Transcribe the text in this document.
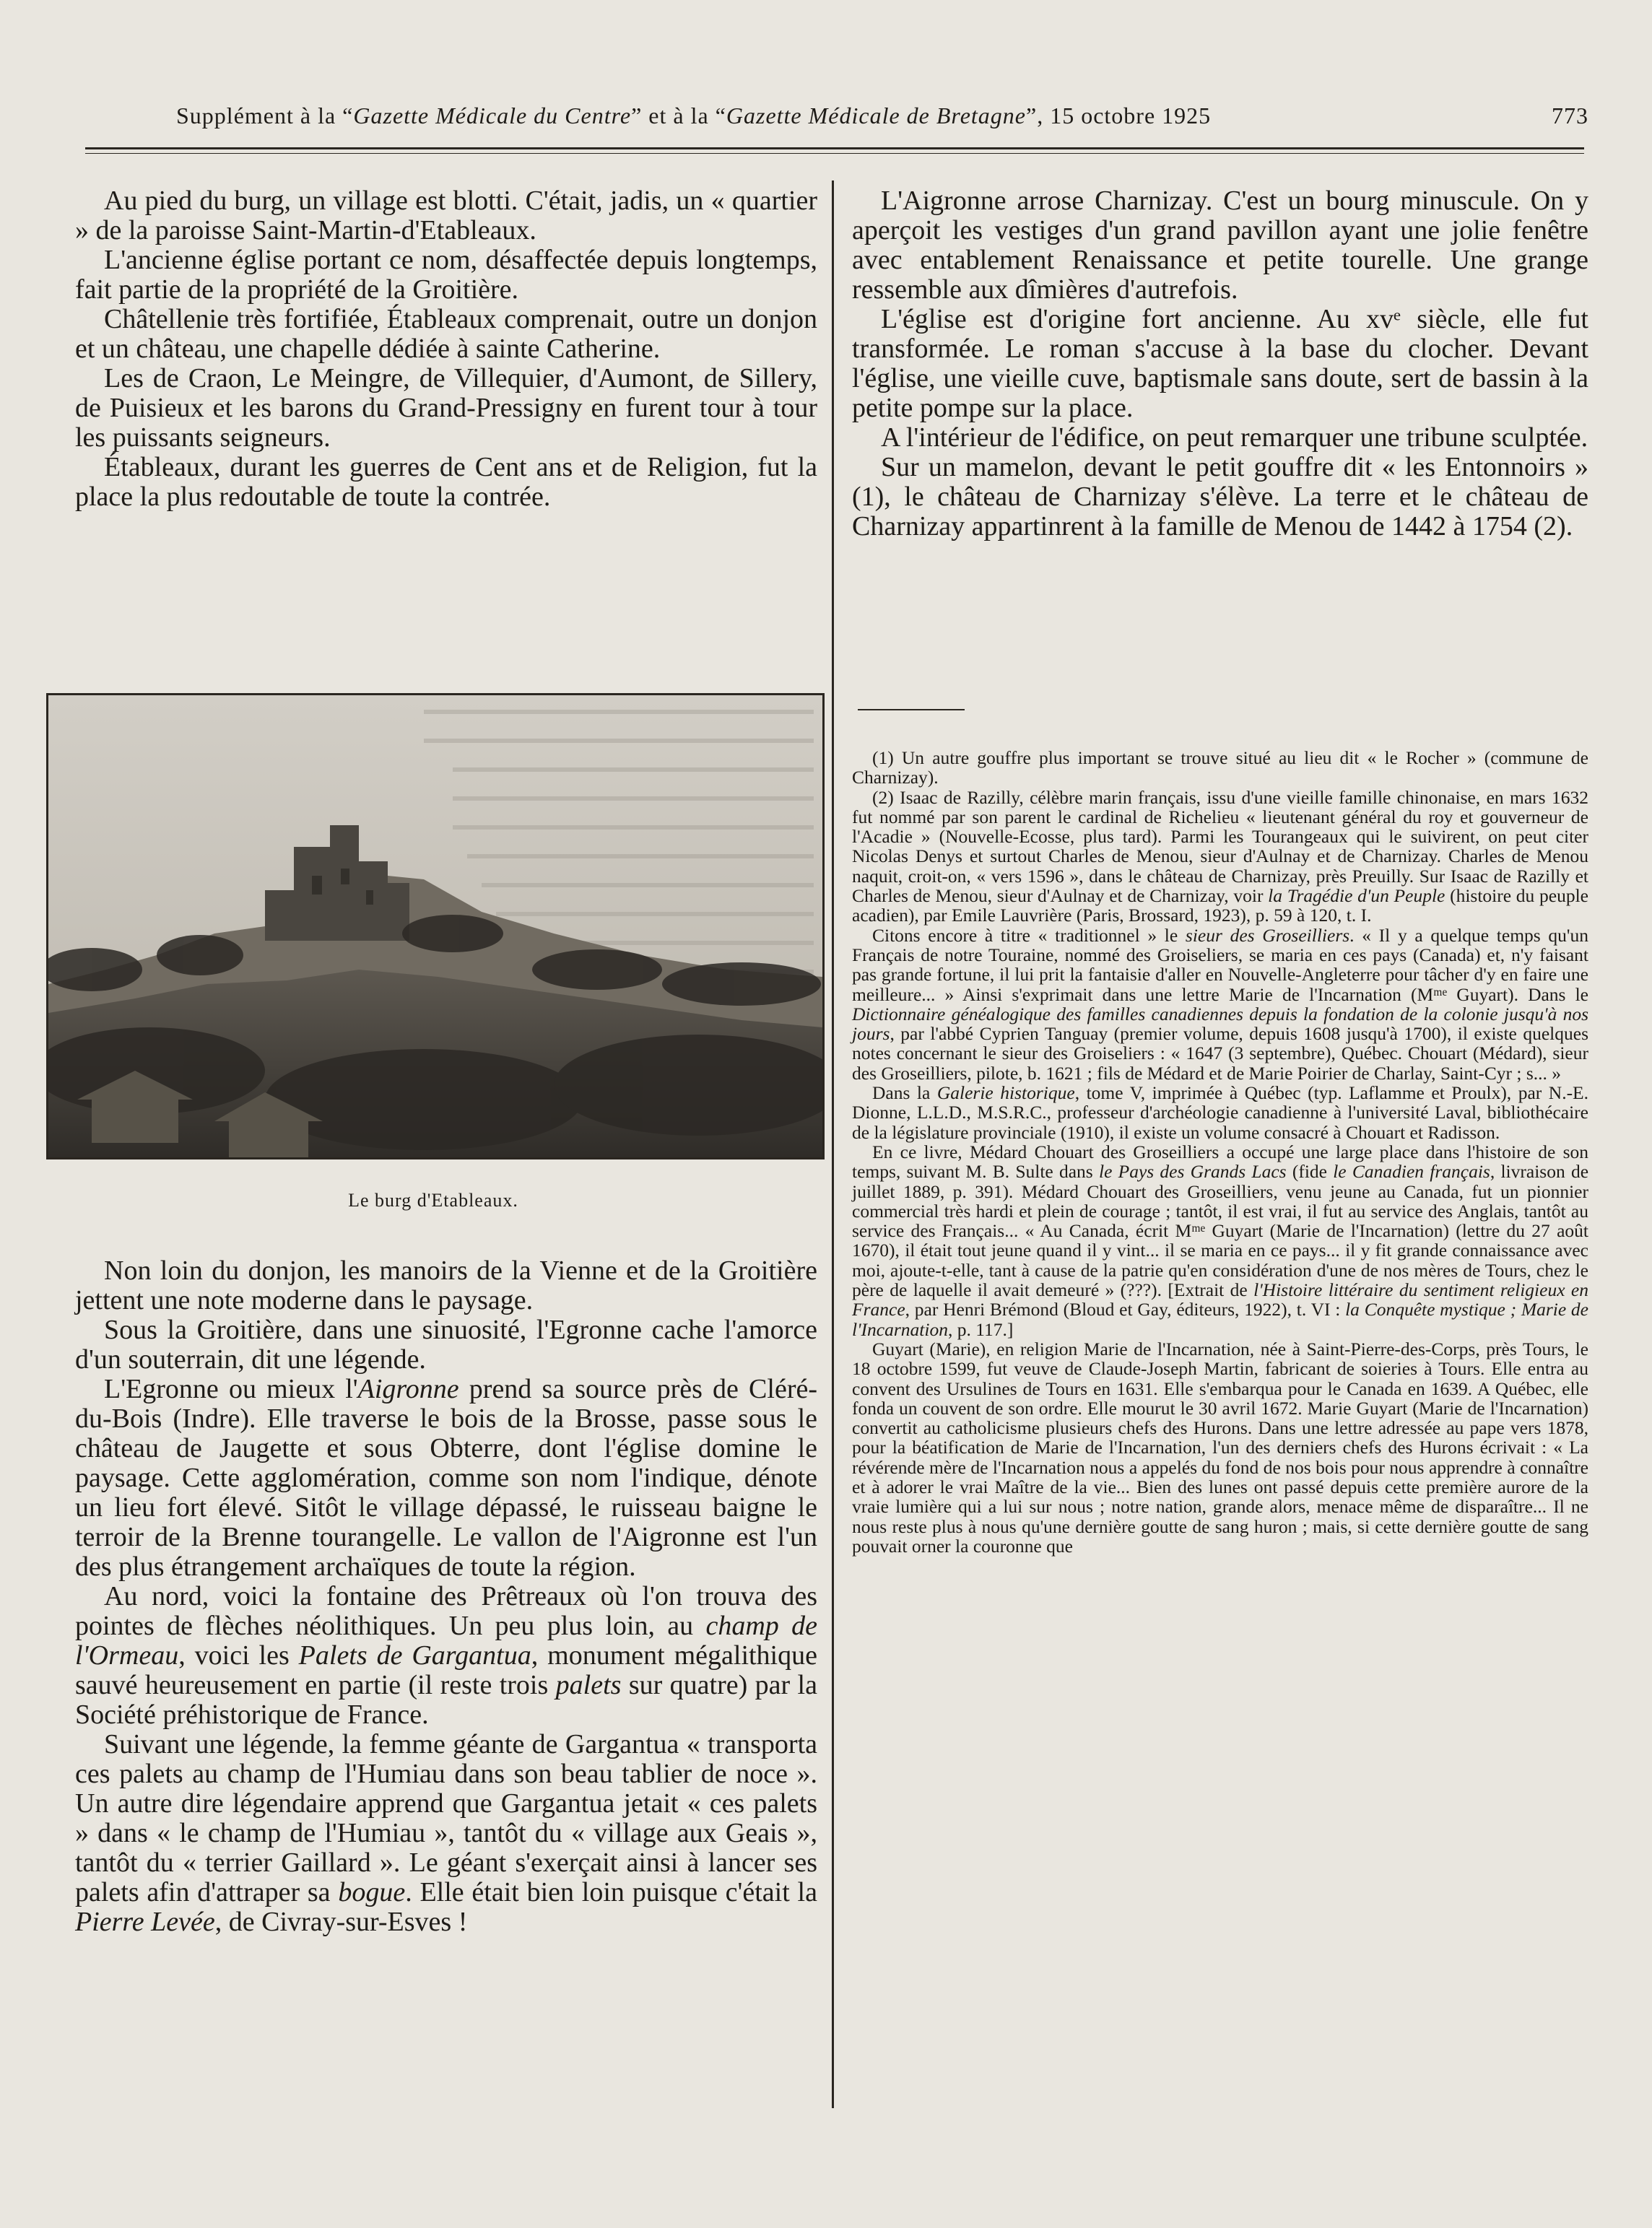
Supplément à la “Gazette Médicale du Centre” et à la “Gazette Médicale de Bretagne”, 15 octobre 1925	773

Au pied du burg, un village est blotti. C'était, jadis, un « quartier » de la paroisse Saint-Martin-d'Etableaux.

L'ancienne église portant ce nom, désaffectée depuis longtemps, fait partie de la propriété de la Groitière.

Châtellenie très fortifiée, Étableaux comprenait, outre un donjon et un château, une chapelle dédiée à sainte Catherine.

Les de Craon, Le Meingre, de Villequier, d'Aumont, de Sillery, de Puisieux et les barons du Grand-Pressigny en furent tour à tour les puissants seigneurs.

Étableaux, durant les guerres de Cent ans et de Religion, fut la place la plus redoutable de toute la contrée.

Le burg d'Etableaux.

Non loin du donjon, les manoirs de la Vienne et de la Groitière jettent une note moderne dans le paysage.

Sous la Groitière, dans une sinuosité, l'Egronne cache l'amorce d'un souterrain, dit une légende.

L'Egronne ou mieux l'Aigronne prend sa source près de Cléré-du-Bois (Indre). Elle traverse le bois de la Brosse, passe sous le château de Jaugette et sous Obterre, dont l'église domine le paysage. Cette agglomération, comme son nom l'indique, dénote un lieu fort élevé. Sitôt le village dépassé, le ruisseau baigne le terroir de la Brenne tourangelle. Le vallon de l'Aigronne est l'un des plus étrangement archaïques de toute la région.

Au nord, voici la fontaine des Prêtreaux où l'on trouva des pointes de flèches néolithiques. Un peu plus loin, au champ de l'Ormeau, voici les Palets de Gargantua, monument mégalithique sauvé heureusement en partie (il reste trois palets sur quatre) par la Société préhistorique de France.

Suivant une légende, la femme géante de Gargantua « transporta ces palets au champ de l'Humiau dans son beau tablier de noce ». Un autre dire légendaire apprend que Gargantua jetait « ces palets » dans « le champ de l'Humiau », tantôt du « village aux Geais », tantôt du « terrier Gaillard ». Le géant s'exerçait ainsi à lancer ses palets afin d'attraper sa bogue. Elle était bien loin puisque c'était la Pierre Levée, de Civray-sur-Esves !

L'Aigronne arrose Charnizay. C'est un bourg minuscule. On y aperçoit les vestiges d'un grand pavillon ayant une jolie fenêtre avec entablement Renaissance et petite tourelle. Une grange ressemble aux dîmières d'autrefois.

L'église est d'origine fort ancienne. Au xvᵉ siècle, elle fut transformée. Le roman s'accuse à la base du clocher. Devant l'église, une vieille cuve, baptismale sans doute, sert de bassin à la petite pompe sur la place.

A l'intérieur de l'édifice, on peut remarquer une tribune sculptée.

Sur un mamelon, devant le petit gouffre dit « les Entonnoirs » (1), le château de Charnizay s'élève. La terre et le château de Charnizay appartinrent à la famille de Menou de 1442 à 1754 (2).

(1) Un autre gouffre plus important se trouve situé au lieu dit « le Rocher » (commune de Charnizay).

(2) Isaac de Razilly, célèbre marin français, issu d'une vieille famille chinonaise, en mars 1632 fut nommé par son parent le cardinal de Richelieu « lieutenant général du roy et gouverneur de l'Acadie » (Nouvelle-Ecosse, plus tard). Parmi les Tourangeaux qui le suivirent, on peut citer Nicolas Denys et surtout Charles de Menou, sieur d'Aulnay et de Charnizay. Charles de Menou naquit, croit-on, « vers 1596 », dans le château de Charnizay, près Preuilly. Sur Isaac de Razilly et Charles de Menou, sieur d'Aulnay et de Charnizay, voir la Tragédie d'un Peuple (histoire du peuple acadien), par Emile Lauvrière (Paris, Brossard, 1923), p. 59 à 120, t. I.

Citons encore à titre « traditionnel » le sieur des Groseilliers. « Il y a quelque temps qu'un Français de notre Touraine, nommé des Groiseliers, se maria en ces pays (Canada) et, n'y faisant pas grande fortune, il lui prit la fantaisie d'aller en Nouvelle-Angleterre pour tâcher d'y en faire une meilleure... » Ainsi s'exprimait dans une lettre Marie de l'Incarnation (Mᵐᵉ Guyart). Dans le Dictionnaire généalogique des familles canadiennes depuis la fondation de la colonie jusqu'à nos jours, par l'abbé Cyprien Tanguay (premier volume, depuis 1608 jusqu'à 1700), il existe quelques notes concernant le sieur des Groiseliers : « 1647 (3 septembre), Québec. Chouart (Médard), sieur des Groseilliers, pilote, b. 1621 ; fils de Médard et de Marie Poirier de Charlay, Saint-Cyr ; s... »

Dans la Galerie historique, tome V, imprimée à Québec (typ. Laflamme et Proulx), par N.-E. Dionne, L.L.D., M.S.R.C., professeur d'archéologie canadienne à l'université Laval, bibliothécaire de la législature provinciale (1910), il existe un volume consacré à Chouart et Radisson.

En ce livre, Médard Chouart des Groseilliers a occupé une large place dans l'histoire de son temps, suivant M. B. Sulte dans le Pays des Grands Lacs (fide le Canadien français, livraison de juillet 1889, p. 391). Médard Chouart des Groseilliers, venu jeune au Canada, fut un pionnier commercial très hardi et plein de courage ; tantôt, il est vrai, il fut au service des Anglais, tantôt au service des Français... « Au Canada, écrit Mᵐᵉ Guyart (Marie de l'Incarnation) (lettre du 27 août 1670), il était tout jeune quand il y vint... il se maria en ce pays... il y fit grande connaissance avec moi, ajoute-t-elle, tant à cause de la patrie qu'en considération d'une de nos mères de Tours, chez le père de laquelle il avait demeuré » (???). [Extrait de l'Histoire littéraire du sentiment religieux en France, par Henri Brémond (Bloud et Gay, éditeurs, 1922), t. VI : la Conquête mystique ; Marie de l'Incarnation, p. 117.]

Guyart (Marie), en religion Marie de l'Incarnation, née à Saint-Pierre-des-Corps, près Tours, le 18 octobre 1599, fut veuve de Claude-Joseph Martin, fabricant de soieries à Tours. Elle entra au convent des Ursulines de Tours en 1631. Elle s'embarqua pour le Canada en 1639. A Québec, elle fonda un couvent de son ordre. Elle mourut le 30 avril 1672. Marie Guyart (Marie de l'Incarnation) convertit au catholicisme plusieurs chefs des Hurons. Dans une lettre adressée au pape vers 1878, pour la béatification de Marie de l'Incarnation, l'un des derniers chefs des Hurons écrivait : « La révérende mère de l'Incarnation nous a appelés du fond de nos bois pour nous apprendre à connaître et à adorer le vrai Maître de la vie... Bien des lunes ont passé depuis cette première aurore de la vraie lumière qui a lui sur nous ; notre nation, grande alors, menace même de disparaître... Il ne nous reste plus à nous qu'une dernière goutte de sang huron ; mais, si cette dernière goutte de sang pouvait orner la couronne que
